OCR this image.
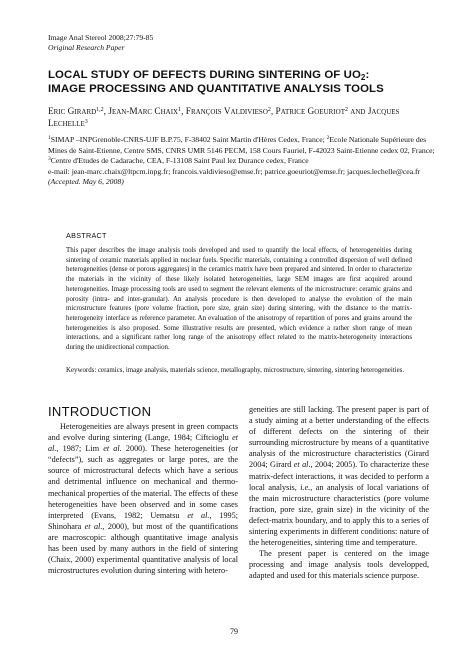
Image Anal Stereol 2008;27:79-85
Original Research Paper
LOCAL STUDY OF DEFECTS DURING SINTERING OF $UO_2$:
IMAGE PROCESSING AND QUANTITATIVE ANALYSIS TOOLS
Eric Girard$^{1,2}$, Jean-Marc Chaix$^1$, François Valdivieso$^2$, Patrice Goeuriot$^2$ and Jacques Lechelle$^3$
$^1$SIMAP –INPGrenoble-CNRS-UJF B.P.75, F-38402 Saint Martin d'Hères Cedex, France; $^2$Ecole Nationale Supérieure des Mines de Saint-Etienne, Centre SMS, CNRS UMR 5146 PECM, 158 Cours Fauriel, F-42023 Saint-Etienne cedex 02, France; $^3$Centre d'Etudes de Cadarache, CEA, F-13108 Saint Paul lez Durance cedex, France
e-mail: jean-marc.chaix@ltpcm.inpg.fr; francois.valdivieso@emse.fr; patrice.goeuriot@emse.fr; jacques.lechelle@cea.fr
(Accepted. May 6, 2008)
ABSTRACT
This paper describes the image analysis tools developed and used to quantify the local effects, of heterogeneities during sintering of ceramic materials applied in nuclear fuels. Specific materials, containing a controlled dispersion of well defined heterogeneities (dense or porous aggregates) in the ceramics matrix have been prepared and sintered. In order to characterize the materials in the vicinity of these likely isolated heterogeneities, large SEM images are first acquired around heterogeneities. Image processing tools are used to segment the relevant elements of the microstructure: ceramic grains and porosity (intra- and inter-granular). An analysis procedure is then developed to analyse the evolution of the main microstructure features (pore volume fraction, pore size, grain size) during sintering, with the distance to the matrix-heterogeneity interface as reference parameter. An evaluation of the anisotropy of repartition of pores and grains around the heterogeneities is also proposed. Some illustrative results are presented, which evidence a rather short range of mean interactions, and a significant rather long range of the anisotropy effect related to the matrix-heterogeneity interactions during the unidirectional compaction.
Keywords: ceramics, image analysis, materials science, metallography, microstructure, sintering, sintering heterogeneities.
INTRODUCTION

Heterogeneities are always present in green compacts and evolve during sintering (Lange, 1984; Ciftcioglu et al., 1987; Lim et al. 2000). These heterogeneities (or “defects”), such as aggregates or large pores, are the source of microstructural defects which have a serious and detrimental influence on mechanical and thermo-mechanical properties of the material. The effects of these heterogeneities have been observed and in some cases interpreted (Evans, 1982; Uematsu et al., 1995; Shinohara et al., 2000), but most of the quantifications are macroscopic: although quantitative image analysis has been used by many authors in the field of sintering (Chaix, 2000) experimental quantitative analysis of local microstructures evolution during sintering with hetero-

geneities are still lacking. The present paper is part of a study aiming at a better understanding of the effects of different defects on the sintering of their surrounding microstructure by means of a quantitative analysis of the microstructure characteristics (Girard 2004; Girard et al., 2004; 2005). To characterize these matrix-defect interactions, it was decided to perform a local analysis, i.e., an analysis of local variations of the main microstructure characteristics (pore volume fraction, pore size, grain size) in the vicinity of the defect-matrix boundary, and to apply this to a series of sintering experiments in different conditions: nature of the heterogeneities, sintering time and temperature.

The present paper is centered on the image processing and image analysis tools developped, adapted and used for this materials science purpose.

79
